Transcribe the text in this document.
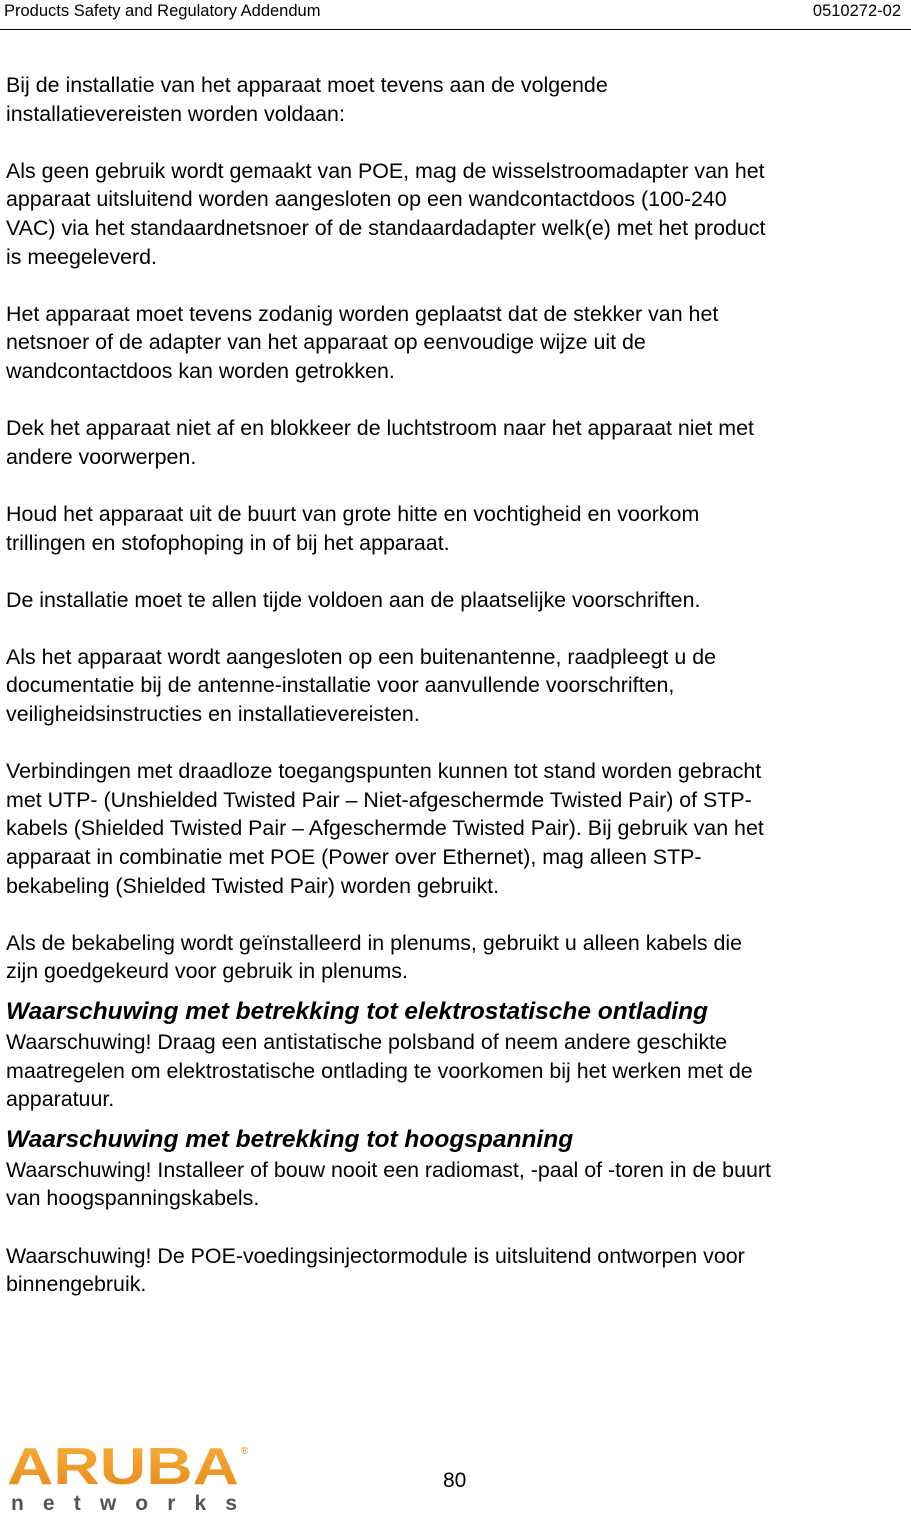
Products Safety and Regulatory Addendum	0510272-02
Bij de installatie van het apparaat moet tevens aan de volgende
installatievereisten worden voldaan:
Als geen gebruik wordt gemaakt van POE, mag de wisselstroomadapter van het
apparaat uitsluitend worden aangesloten op een wandcontactdoos (100-240
VAC) via het standaardnetsnoer of de standaardadapter welk(e) met het product
is meegeleverd.
Het apparaat moet tevens zodanig worden geplaatst dat de stekker van het
netsnoer of de adapter van het apparaat op eenvoudige wijze uit de
wandcontactdoos kan worden getrokken.
Dek het apparaat niet af en blokkeer de luchtstroom naar het apparaat niet met
andere voorwerpen.
Houd het apparaat uit de buurt van grote hitte en vochtigheid en voorkom
trillingen en stofophoping in of bij het apparaat.
De installatie moet te allen tijde voldoen aan de plaatselijke voorschriften.
Als het apparaat wordt aangesloten op een buitenantenne, raadpleegt u de
documentatie bij de antenne-installatie voor aanvullende voorschriften,
veiligheidsinstructies en installatievereisten.
Verbindingen met draadloze toegangspunten kunnen tot stand worden gebracht
met UTP- (Unshielded Twisted Pair – Niet-afgeschermde Twisted Pair) of STP-
kabels (Shielded Twisted Pair – Afgeschermde Twisted Pair). Bij gebruik van het
apparaat in combinatie met POE (Power over Ethernet), mag alleen STP-
bekabeling (Shielded Twisted Pair) worden gebruikt.
Als de bekabeling wordt geïnstalleerd in plenums, gebruikt u alleen kabels die
zijn goedgekeurd voor gebruik in plenums.
Waarschuwing met betrekking tot elektrostatische ontlading
Waarschuwing! Draag een antistatische polsband of neem andere geschikte
maatregelen om elektrostatische ontlading te voorkomen bij het werken met de
apparatuur.
Waarschuwing met betrekking tot hoogspanning
Waarschuwing! Installeer of bouw nooit een radiomast, -paal of -toren in de buurt
van hoogspanningskabels.
Waarschuwing! De POE-voedingsinjectormodule is uitsluitend ontworpen voor
binnengebruik.
ARUBA ®
networks
80
